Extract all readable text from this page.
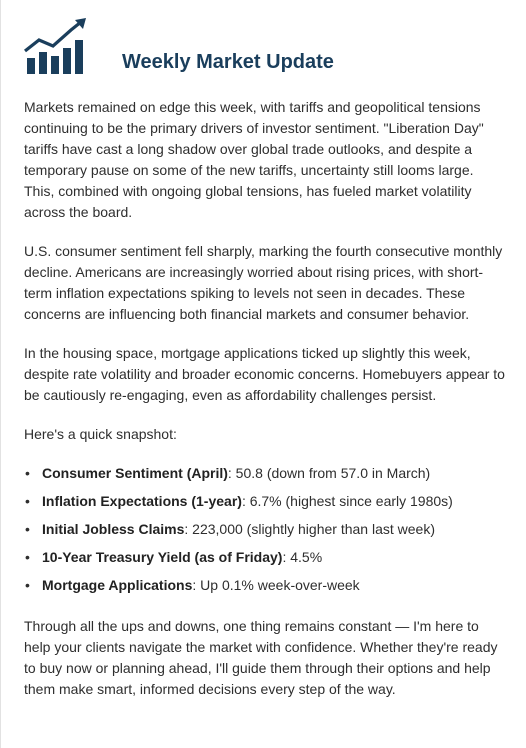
Weekly Market Update

Markets remained on edge this week, with tariffs and geopolitical tensions continuing to be the primary drivers of investor sentiment. "Liberation Day" tariffs have cast a long shadow over global trade outlooks, and despite a temporary pause on some of the new tariffs, uncertainty still looms large. This, combined with ongoing global tensions, has fueled market volatility across the board.

U.S. consumer sentiment fell sharply, marking the fourth consecutive monthly decline. Americans are increasingly worried about rising prices, with short-term inflation expectations spiking to levels not seen in decades. These concerns are influencing both financial markets and consumer behavior.

In the housing space, mortgage applications ticked up slightly this week, despite rate volatility and broader economic concerns. Homebuyers appear to be cautiously re-engaging, even as affordability challenges persist.

Here's a quick snapshot:

• Consumer Sentiment (April): 50.8 (down from 57.0 in March)
• Inflation Expectations (1-year): 6.7% (highest since early 1980s)
• Initial Jobless Claims: 223,000 (slightly higher than last week)
• 10-Year Treasury Yield (as of Friday): 4.5%
• Mortgage Applications: Up 0.1% week-over-week

Through all the ups and downs, one thing remains constant — I'm here to help your clients navigate the market with confidence. Whether they're ready to buy now or planning ahead, I'll guide them through their options and help them make smart, informed decisions every step of the way.
